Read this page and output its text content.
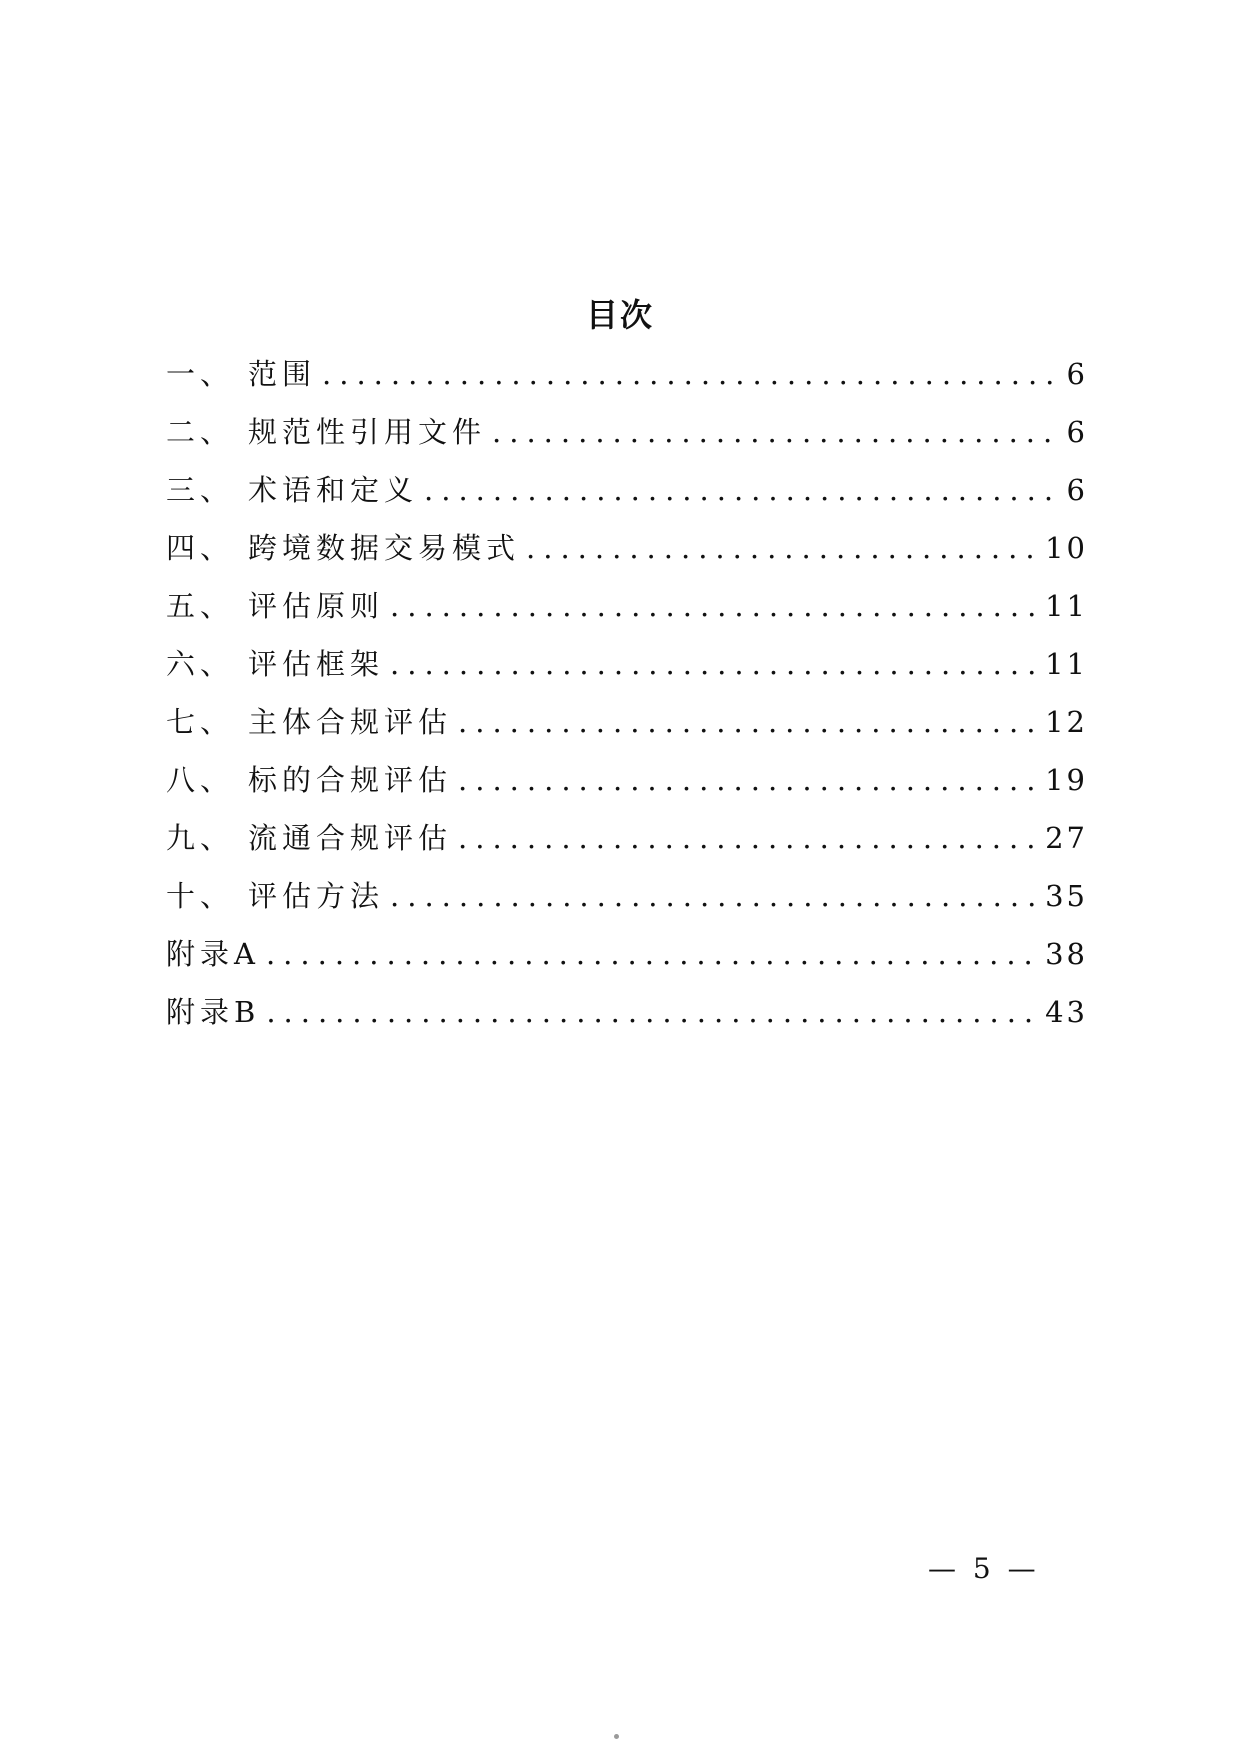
目次
一、 范围 .....	6
二、 规范性引用文件 .....	6
三、 术语和定义 .....	6
四、 跨境数据交易模式 .....	10
五、 评估原则 .....	11
六、 评估框架 .....	11
七、 主体合规评估 .....	12
八、 标的合规评估 .....	19
九、 流通合规评估 .....	27
十、 评估方法 .....	35
附录A .....	38
附录B .....	43
— 5 —
